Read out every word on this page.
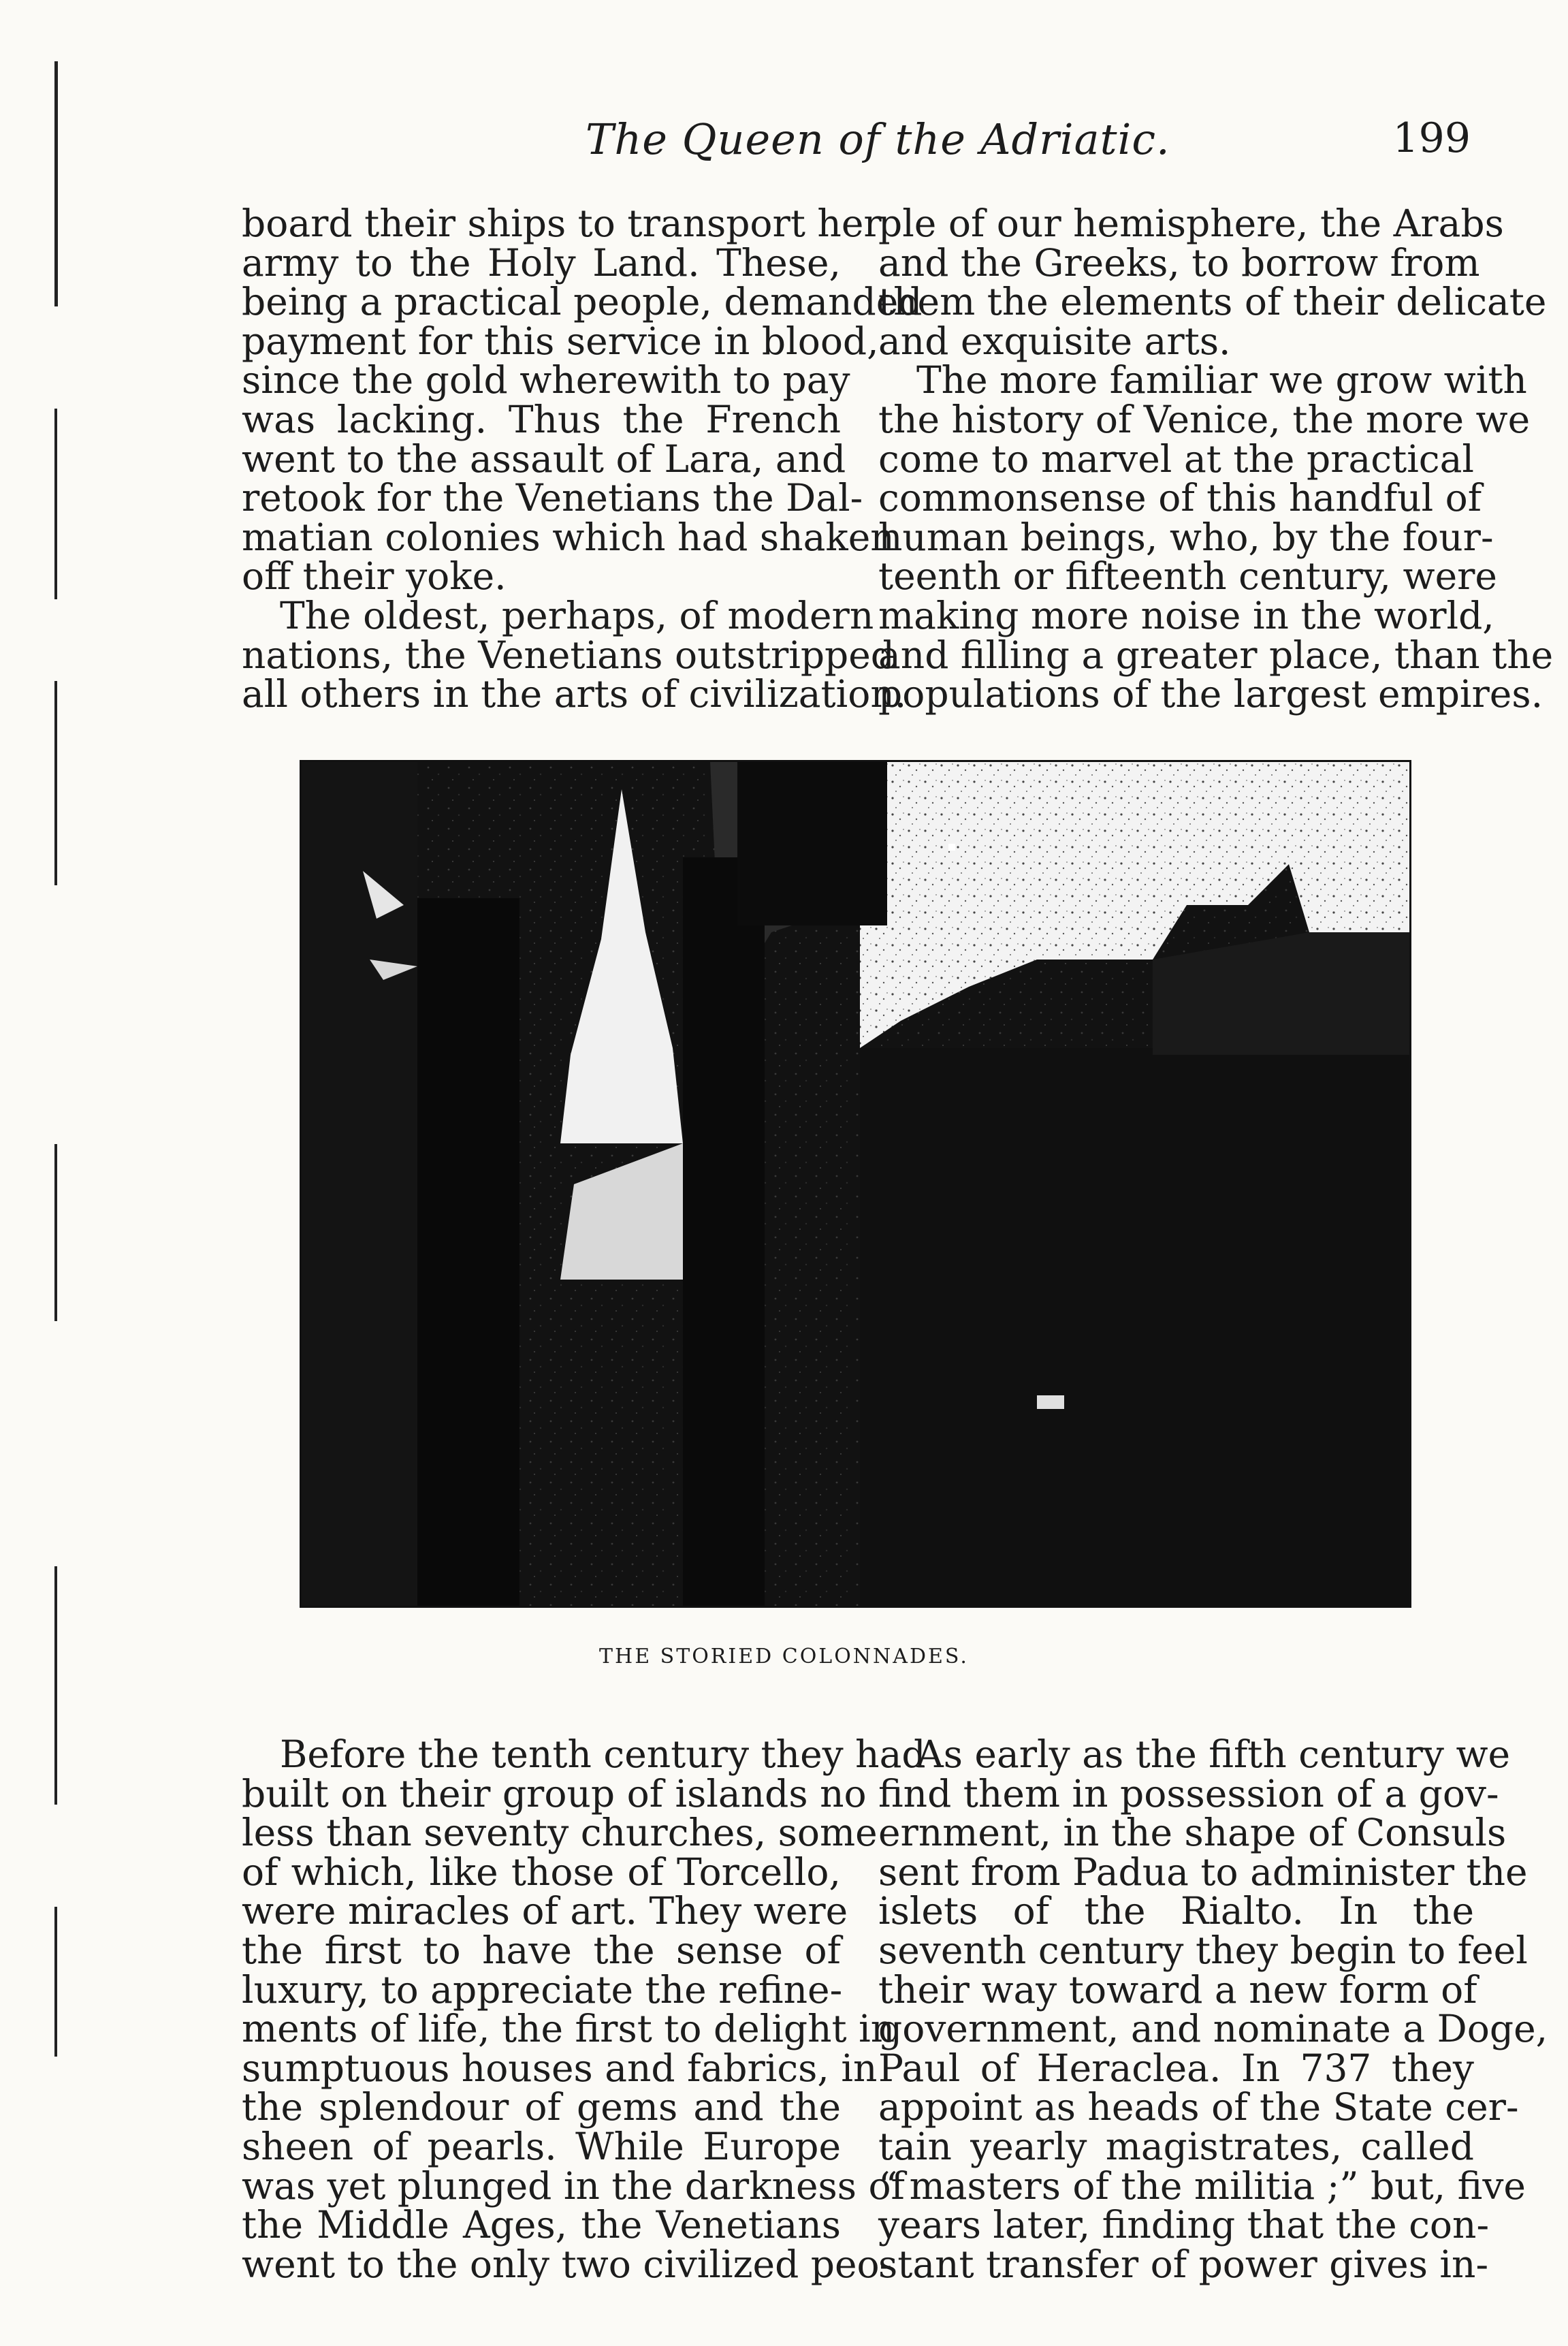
The Queen of the Adriatic.	199
board their ships to transport her
army to the Holy Land. These,
being a practical people, demanded
payment for this service in blood,
since the gold wherewith to pay
was lacking. Thus the French
went to the assault of Lara, and
retook for the Venetians the Dal-
matian colonies which had shaken
off their yoke.
The oldest, perhaps, of modern
nations, the Venetians outstripped
all others in the arts of civilization.
ple of our hemisphere, the Arabs
and the Greeks, to borrow from
them the elements of their delicate
and exquisite arts.
The more familiar we grow with
the history of Venice, the more we
come to marvel at the practical
commonsense of this handful of
human beings, who, by the four-
teenth or fifteenth century, were
making more noise in the world,
and filling a greater place, than the
populations of the largest empires.
THE STORIED COLONNADES.
Before the tenth century they had
built on their group of islands no
less than seventy churches, some
of which, like those of Torcello,
were miracles of art. They were
the first to have the sense of
luxury, to appreciate the refine-
ments of life, the first to delight in
sumptuous houses and fabrics, in
the splendour of gems and the
sheen of pearls. While Europe
was yet plunged in the darkness of
the Middle Ages, the Venetians
went to the only two civilized peo-
As early as the fifth century we
find them in possession of a gov-
ernment, in the shape of Consuls
sent from Padua to administer the
islets of the Rialto. In the
seventh century they begin to feel
their way toward a new form of
government, and nominate a Doge,
Paul of Heraclea. In 737 they
appoint as heads of the State cer-
tain yearly magistrates, called
“ masters of the militia ;” but, five
years later, finding that the con-
stant transfer of power gives in-
